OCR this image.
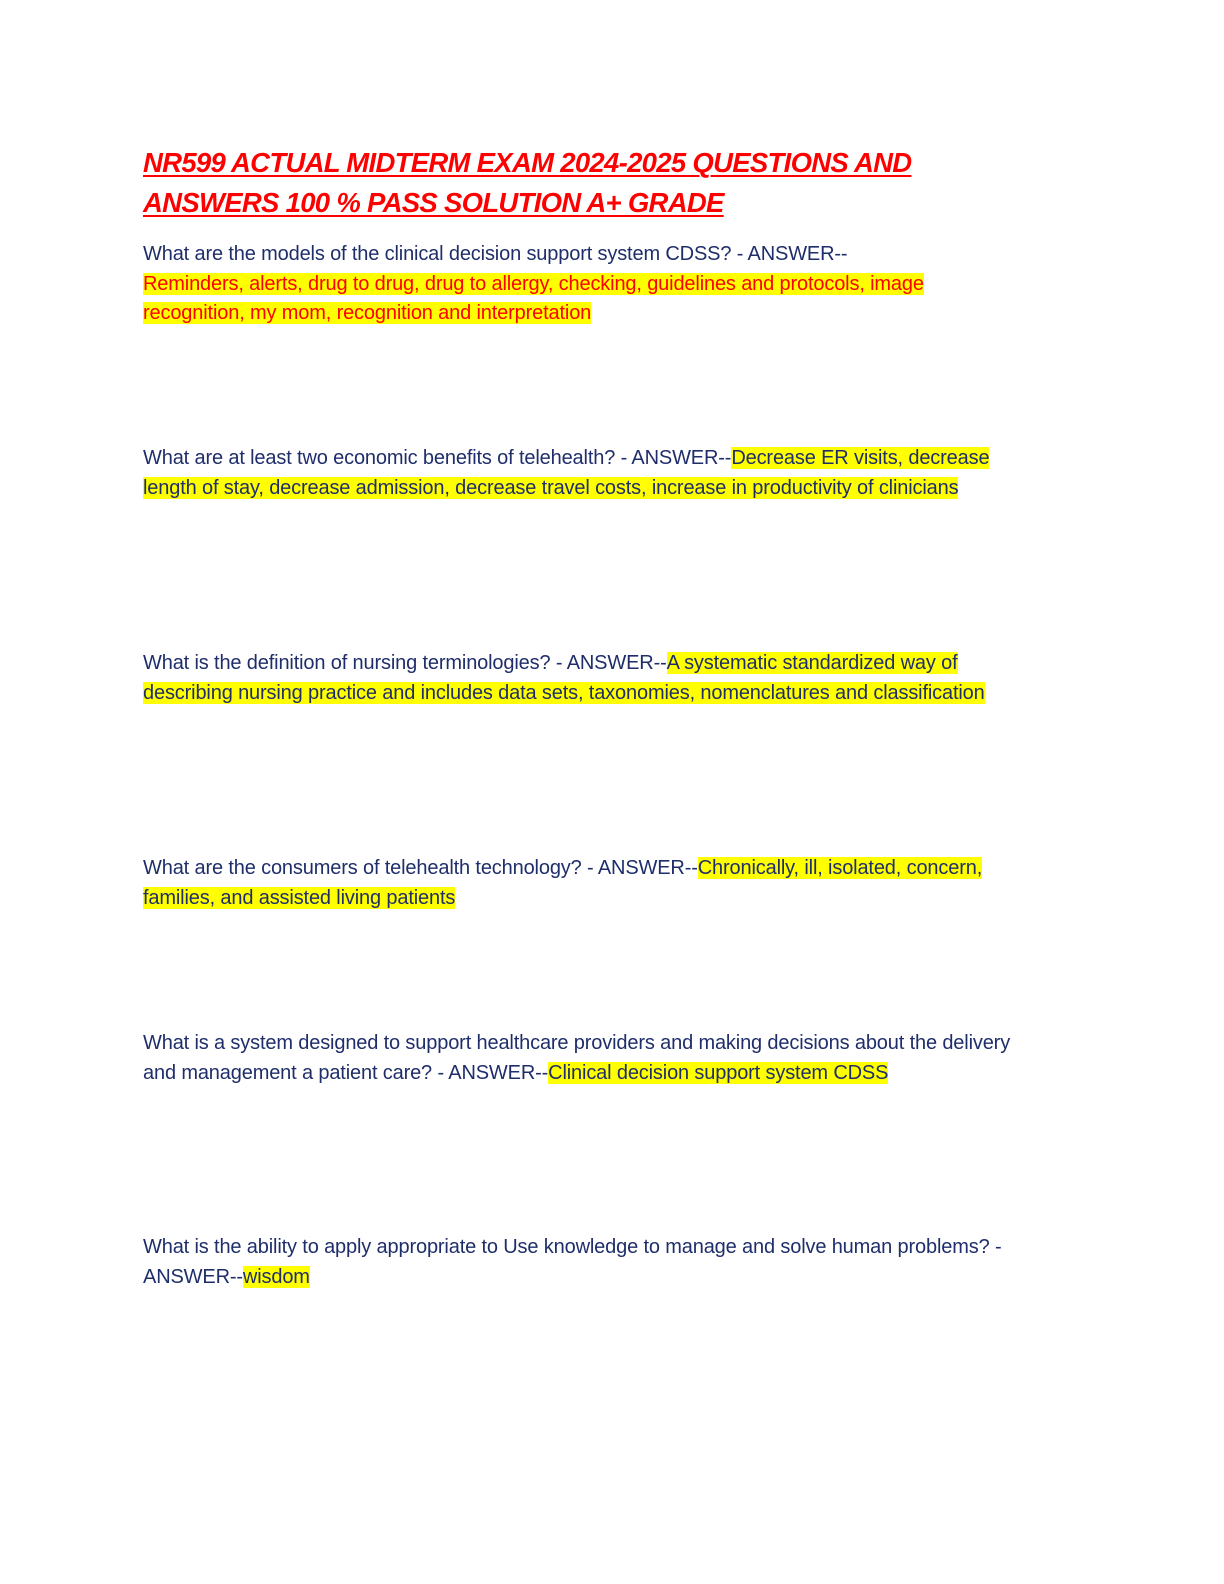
NR599 ACTUAL MIDTERM EXAM 2024-2025 QUESTIONS AND ANSWERS 100 % PASS SOLUTION A+ GRADE

What are the models of the clinical decision support system CDSS? - ANSWER--
Reminders, alerts, drug to drug, drug to allergy, checking, guidelines and protocols, image recognition, my mom, recognition and interpretation

What are at least two economic benefits of telehealth? - ANSWER--Decrease ER visits, decrease length of stay, decrease admission, decrease travel costs, increase in productivity of clinicians

What is the definition of nursing terminologies? - ANSWER--A systematic standardized way of describing nursing practice and includes data sets, taxonomies, nomenclatures and classification

What are the consumers of telehealth technology? - ANSWER--Chronically, ill, isolated, concern, families, and assisted living patients

What is a system designed to support healthcare providers and making decisions about the delivery and management a patient care? - ANSWER--Clinical decision support system CDSS

What is the ability to apply appropriate to Use knowledge to manage and solve human problems? - ANSWER--wisdom
